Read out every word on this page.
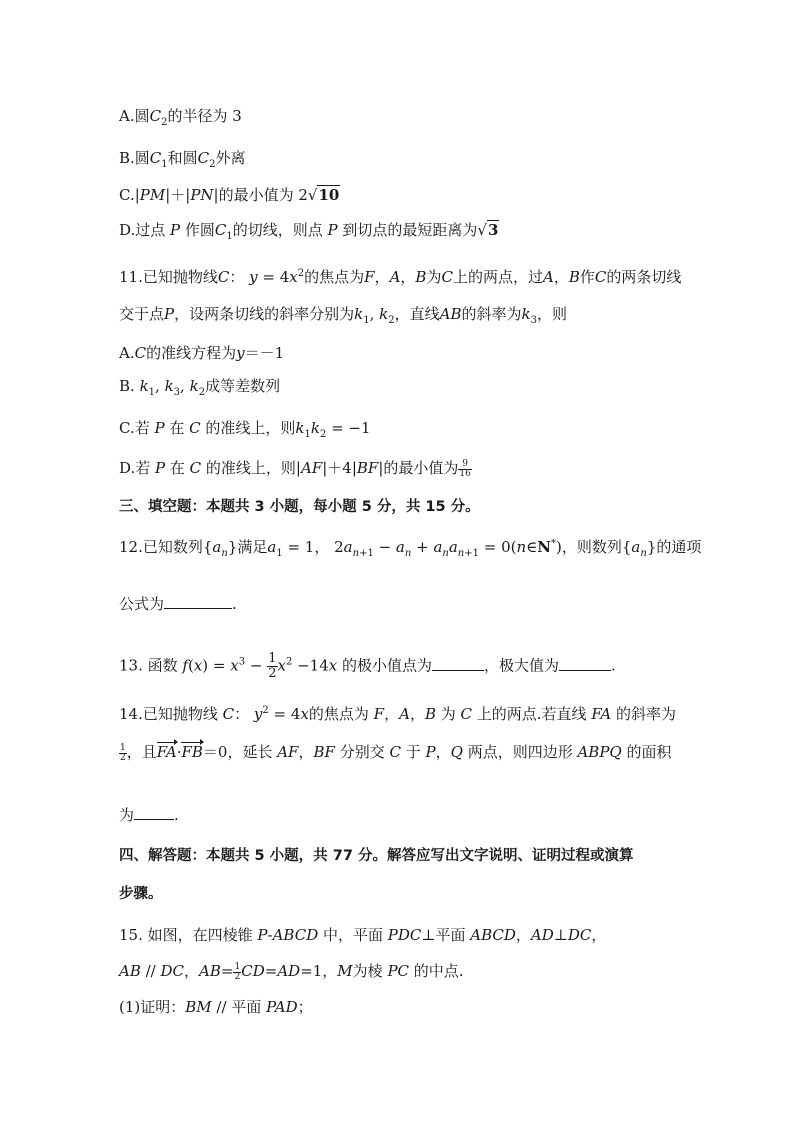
A.圆$C_2$的半径为 3
B.圆$C_1$和圆$C_2$外离
C.|PM|＋|PN|的最小值为 2√10
D.过点 P 作圆$C_1$的切线，则点 P 到切点的最短距离为√3
11.已知抛物线C： $y = 4x^2$的焦点为F，A，B为C上的两点，过A，B作C的两条切线
交于点P，设两条切线的斜率分别为$k_1$, $k_2$，直线AB的斜率为$k_3$，则
A.C的准线方程为y＝－1
B. $k_1$, $k_3$, $k_2$成等差数列
C.若 P 在 C 的准线上，则$k_1k_2 = -1$
D.若 P 在 C 的准线上，则|AF|＋4|BF|的最小值为 $\frac{9}{16}$
三、填空题：本题共 3 小题，每小题 5 分，共 15 分。
12.已知数列$\{a_n\}$满足$a_1 = 1$， $2a_{n+1} - a_n + a_na_{n+1}$ = 0(n∈N*)，则数列$\{a_n\}$的通项
公式为	.
13. 函数 $f(x) = x^3 - \frac{1}{2} x^2 -14x$ 的极小值点为	，极大值为	.
14.已知抛物线 C： $y^2 = 4x$的焦点为 F，A，B 为 C 上的两点.若直线 FA 的斜率为
$\frac{1}{2}$ ，且FA·FB＝0，延长 AF，BF 分别交 C 于 P，Q 两点，则四边形 ABPQ 的面积
为	.
四、解答题：本题共 5 小题，共 77 分。解答应写出文字说明、证明过程或演算
步骤。
15. 如图，在四棱锥 P-ABCD 中，平面 PDC⊥平面 ABCD，AD⊥DC，
AB // DC，$AB= \frac{1}{2} CD=AD=1$，M为棱 PC 的中点.
(1)证明：BM // 平面 PAD；
